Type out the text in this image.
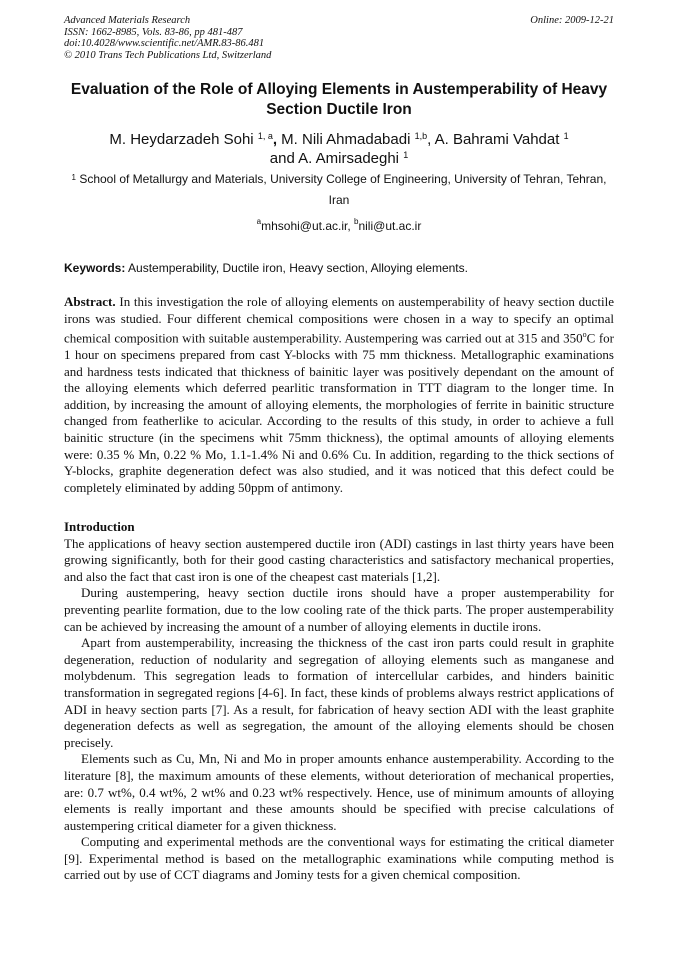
Advanced Materials Research
ISSN: 1662-8985, Vols. 83-86, pp 481-487
doi:10.4028/www.scientific.net/AMR.83-86.481
© 2010 Trans Tech Publications Ltd, Switzerland
Online: 2009-12-21
Evaluation of the Role of Alloying Elements in Austemperability of Heavy Section Ductile Iron
M. Heydarzadeh Sohi $^{1, a}$, M. Nili Ahmadabadi $^{1,b}$, A. Bahrami Vahdat $^1$
and A. Amirsadeghi $^1$
$^1$ School of Metallurgy and Materials, University College of Engineering, University of Tehran, Tehran, Iran
$^a$mhsohi@ut.ac.ir, $^b$nili@ut.ac.ir
Keywords: Austemperability, Ductile iron, Heavy section, Alloying elements.
Abstract. In this investigation the role of alloying elements on austemperability of heavy section ductile irons was studied. Four different chemical compositions were chosen in a way to specify an optimal chemical composition with suitable austemperability. Austempering was carried out at 315 and 350$^o$C for 1 hour on specimens prepared from cast Y-blocks with 75 mm thickness. Metallographic examinations and hardness tests indicated that thickness of bainitic layer was positively dependant on the amount of the alloying elements which deferred pearlitic transformation in TTT diagram to the longer time. In addition, by increasing the amount of alloying elements, the morphologies of ferrite in bainitic structure changed from featherlike to acicular. According to the results of this study, in order to achieve a full bainitic structure (in the specimens whit 75mm thickness), the optimal amounts of alloying elements were: 0.35 % Mn, 0.22 % Mo, 1.1-1.4% Ni and 0.6% Cu. In addition, regarding to the thick sections of Y-blocks, graphite degeneration defect was also studied, and it was noticed that this defect could be completely eliminated by adding 50ppm of antimony.
Introduction

The applications of heavy section austempered ductile iron (ADI) castings in last thirty years have been growing significantly, both for their good casting characteristics and satisfactory mechanical properties, and also the fact that cast iron is one of the cheapest cast materials [1,2].

During austempering, heavy section ductile irons should have a proper austemperability for preventing pearlite formation, due to the low cooling rate of the thick parts. The proper austemperability can be achieved by increasing the amount of a number of alloying elements in ductile irons.

Apart from austemperability, increasing the thickness of the cast iron parts could result in graphite degeneration, reduction of nodularity and segregation of alloying elements such as manganese and molybdenum. This segregation leads to formation of intercellular carbides, and hinders bainitic transformation in segregated regions [4-6]. In fact, these kinds of problems always restrict applications of ADI in heavy section parts [7]. As a result, for fabrication of heavy section ADI with the least graphite degeneration defects as well as segregation, the amount of the alloying elements should be chosen precisely.

Elements such as Cu, Mn, Ni and Mo in proper amounts enhance austemperability. According to the literature [8], the maximum amounts of these elements, without deterioration of mechanical properties, are: 0.7 wt%, 0.4 wt%, 2 wt% and 0.23 wt% respectively. Hence, use of minimum amounts of alloying elements is really important and these amounts should be specified with precise calculations of austempering critical diameter for a given thickness.

Computing and experimental methods are the conventional ways for estimating the critical diameter [9]. Experimental method is based on the metallographic examinations while computing method is carried out by use of CCT diagrams and Jominy tests for a given chemical composition.
